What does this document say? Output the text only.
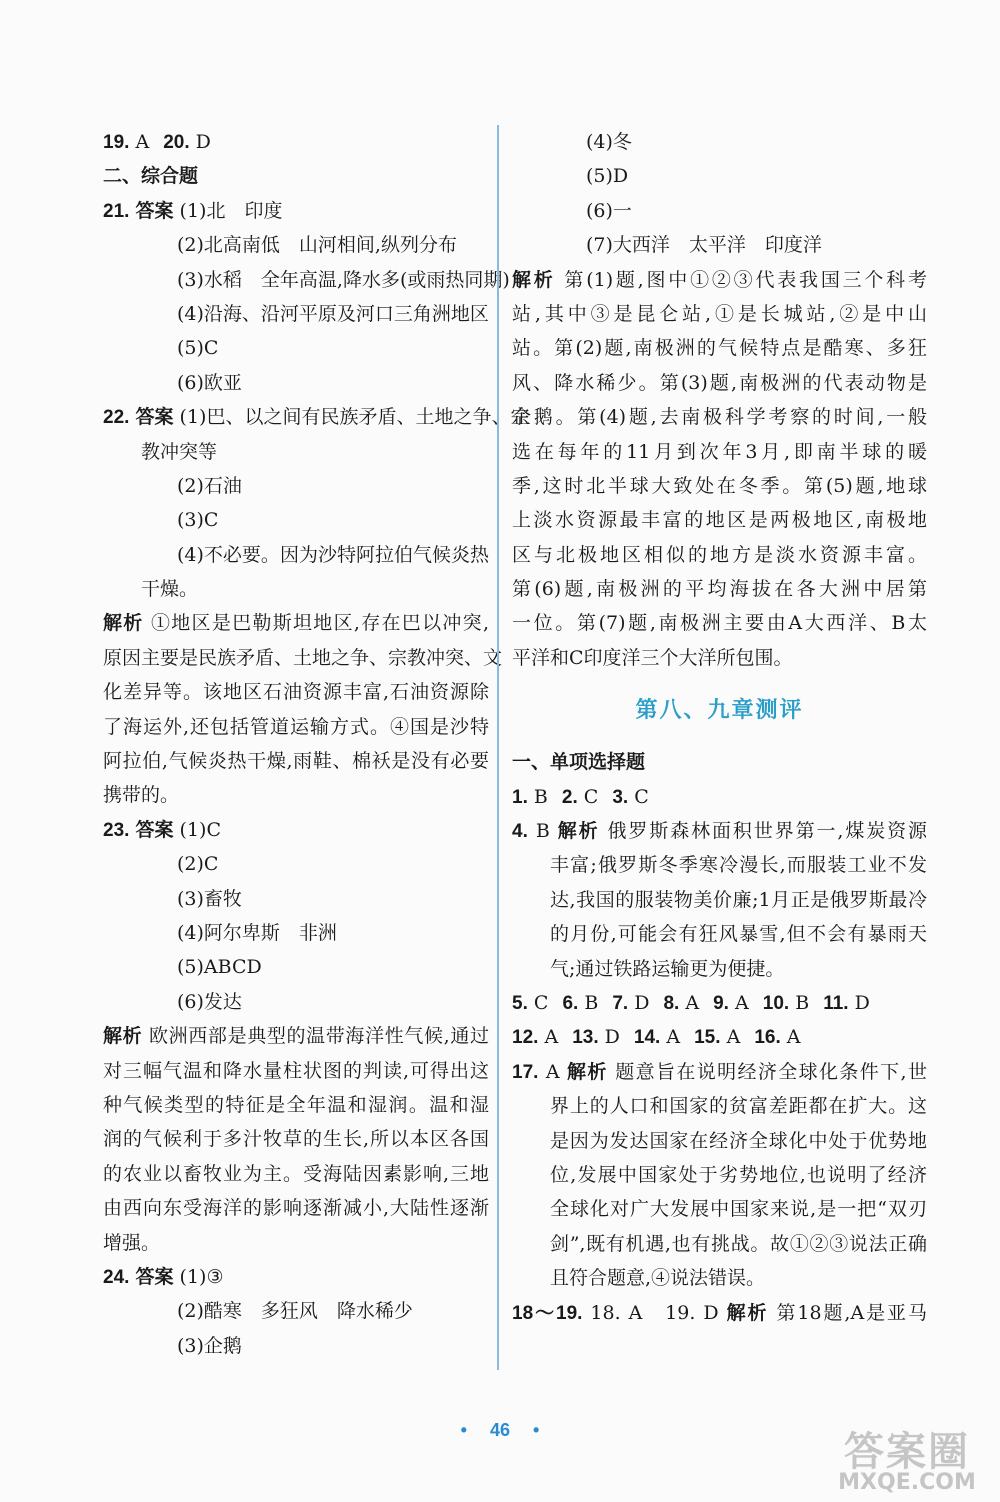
19. A 20. D
二、综合题
21. 答案 (1)北　印度
(2)北高南低　山河相间,纵列分布
(3)水稻　全年高温,降水多(或雨热同期)
(4)沿海、沿河平原及河口三角洲地区
(5)C
(6)欧亚
22. 答案 (1)巴、以之间有民族矛盾、土地之争、宗
教冲突等
(2)石油
(3)C
(4)不必要。因为沙特阿拉伯气候炎热
干燥。
解析 ①地区是巴勒斯坦地区,存在巴以冲突,
原因主要是民族矛盾、土地之争、宗教冲突、文
化差异等。该地区石油资源丰富,石油资源除
了海运外,还包括管道运输方式。④国是沙特
阿拉伯,气候炎热干燥,雨鞋、棉袄是没有必要
携带的。
23. 答案 (1)C
(2)C
(3)畜牧
(4)阿尔卑斯　非洲
(5)ABCD
(6)发达
解析 欧洲西部是典型的温带海洋性气候,通过
对三幅气温和降水量柱状图的判读,可得出这
种气候类型的特征是全年温和湿润。温和湿
润的气候利于多汁牧草的生长,所以本区各国
的农业以畜牧业为主。受海陆因素影响,三地
由西向东受海洋的影响逐渐减小,大陆性逐渐
增强。
24. 答案 (1)③
(2)酷寒　多狂风　降水稀少
(3)企鹅
(4)冬
(5)D
(6)一
(7)大西洋　太平洋　印度洋
解析 第(1)题,图中①②③代表我国三个科考
站,其中③是昆仑站,①是长城站,②是中山
站。第(2)题,南极洲的气候特点是酷寒、多狂
风、降水稀少。第(3)题,南极洲的代表动物是
企鹅。第(4)题,去南极科学考察的时间,一般
选在每年的11月到次年3月,即南半球的暖
季,这时北半球大致处在冬季。第(5)题,地球
上淡水资源最丰富的地区是两极地区,南极地
区与北极地区相似的地方是淡水资源丰富。
第(6)题,南极洲的平均海拔在各大洲中居第
一位。第(7)题,南极洲主要由A大西洋、B太
平洋和C印度洋三个大洋所包围。
第八、九章测评
一、单项选择题
1. B 2. C 3. C
4. B 解析 俄罗斯森林面积世界第一,煤炭资源
丰富;俄罗斯冬季寒冷漫长,而服装工业不发
达,我国的服装物美价廉;1月正是俄罗斯最冷
的月份,可能会有狂风暴雪,但不会有暴雨天
气;通过铁路运输更为便捷。
5. C 6. B 7. D 8. A 9. A 10. B 11. D
12. A 13. D 14. A 15. A 16. A
17. A 解析 题意旨在说明经济全球化条件下,世
界上的人口和国家的贫富差距都在扩大。这
是因为发达国家在经济全球化中处于优势地
位,发展中国家处于劣势地位,也说明了经济
全球化对广大发展中国家来说,是一把“双刃
剑”,既有机遇,也有挑战。故①②③说法正确
且符合题意,④说法错误。
18～19. 18. A　19. D 解析 第18题,A是亚马
• 46 •	答案圈
MXQE.COM
